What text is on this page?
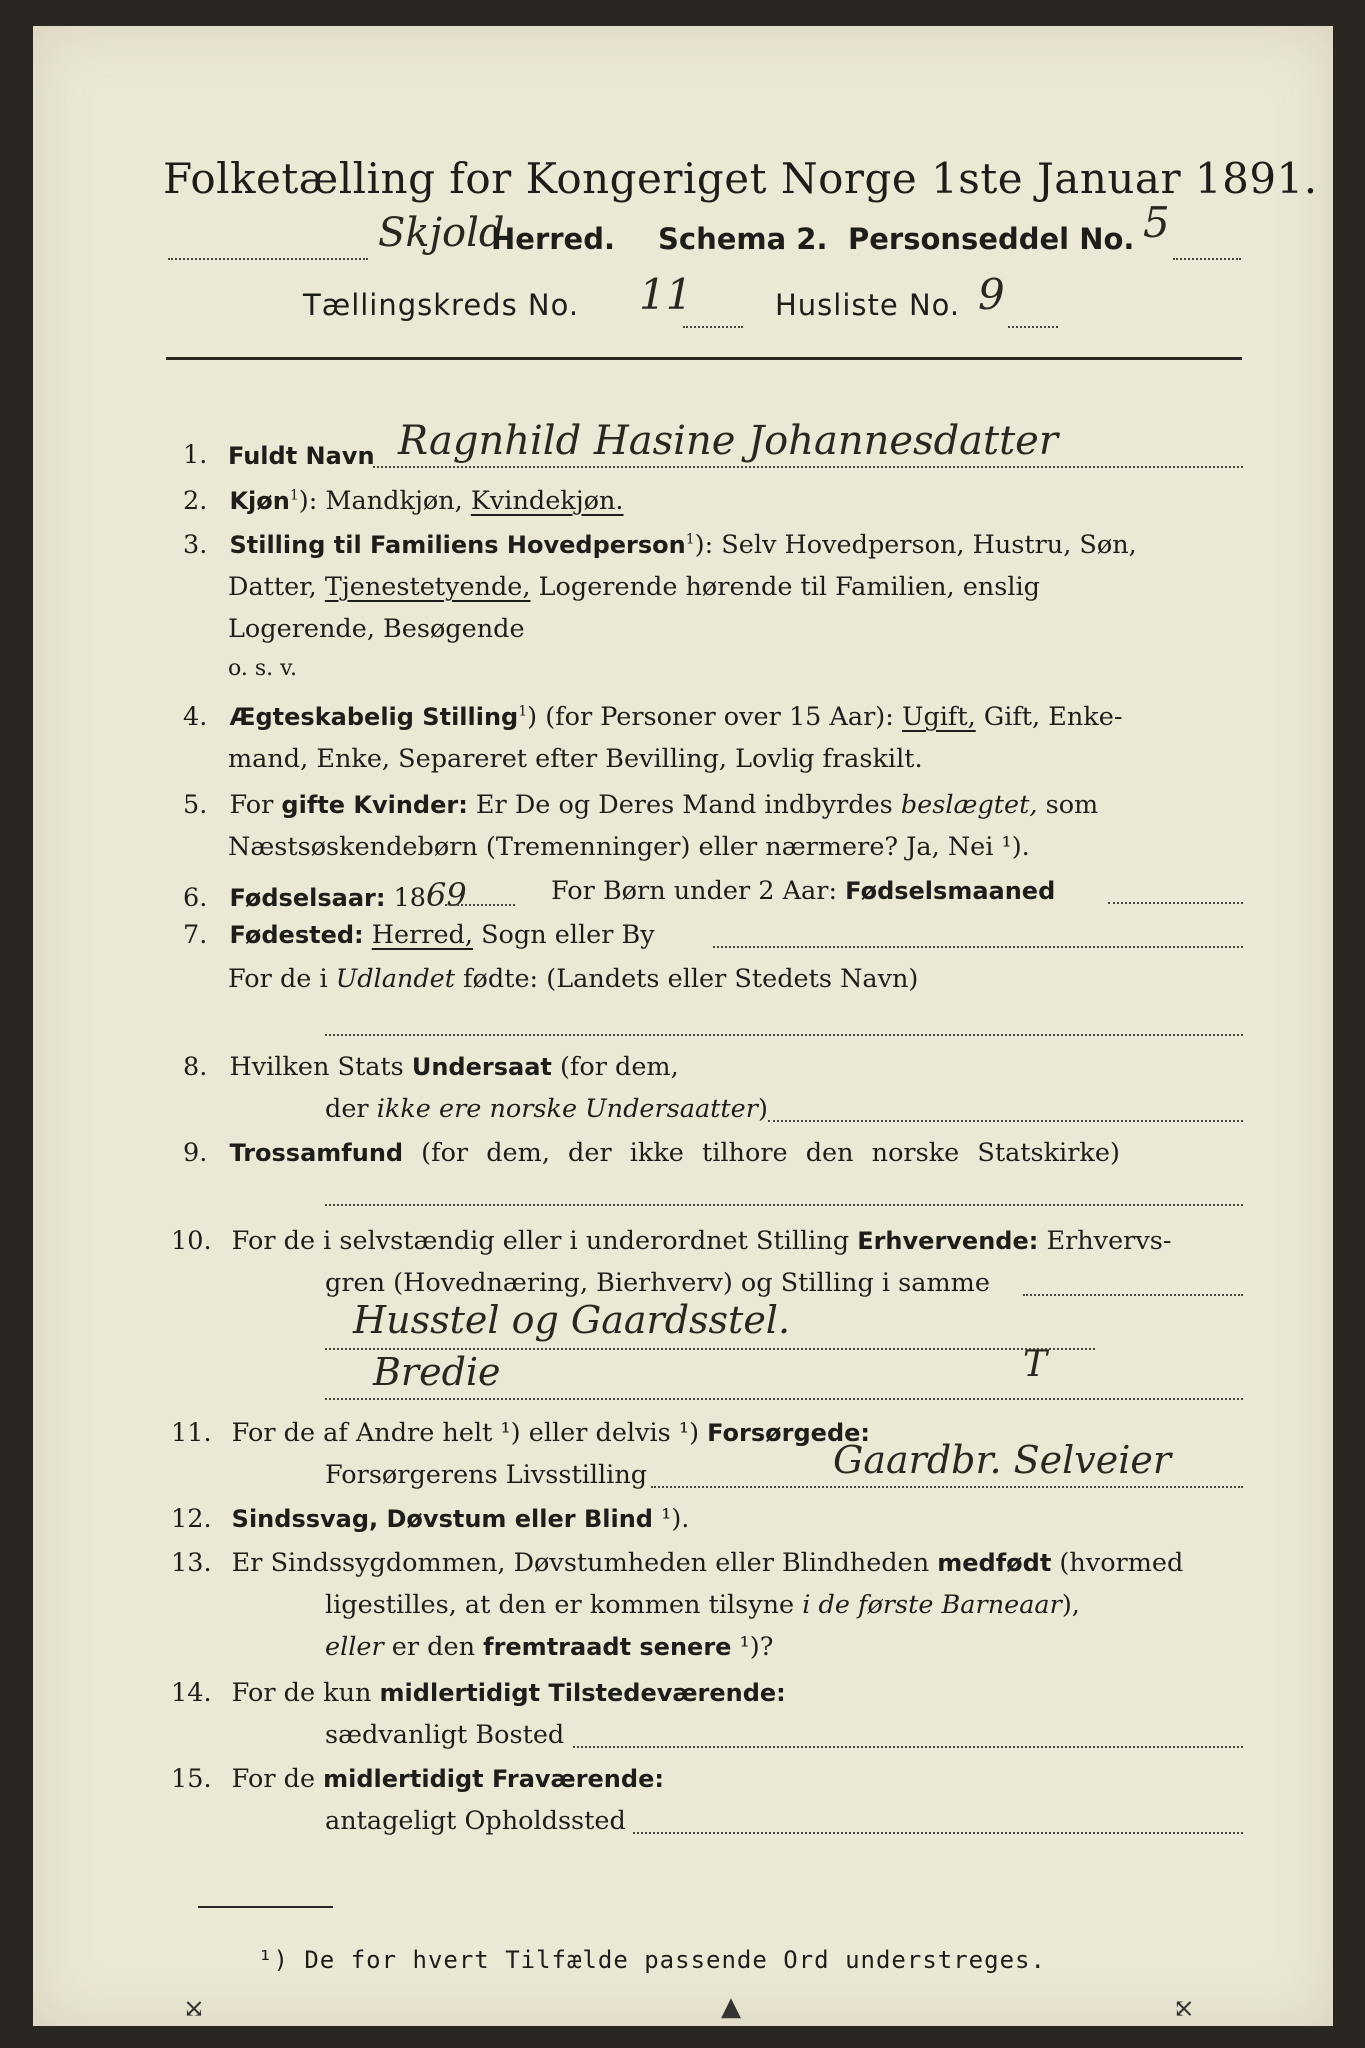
Folketælling for Kongeriget Norge 1ste Januar 1891.
Skjold
Herred. Schema 2. Personseddel No. 5
Tællingskreds No. 11	Husliste No. 9
1. Fuldt Navn Ragnhild Hasine Johannesdatter
2. Kjøn$^1$): Mandkjøn, Kvindekjøn.
3. Stilling til Familiens Hovedperson$^1$): Selv Hovedperson, Hustru, Søn,
Datter, Tjenestetyende, Logerende hørende til Familien, enslig
Logerende, Besøgende
o. s. v.
4. Ægteskabelig Stilling$^1$) (for Personer over 15 Aar): Ugift, Gift, Enke-
mand, Enke, Separeret efter Bevilling, Lovlig fraskilt.
5. For gifte Kvinder: Er De og Deres Mand indbyrdes beslægtet, som
Næstsøskendebørn (Tremenninger) eller nærmere? Ja, Nei ¹).
6. Fødselsaar: 1869	For Børn under 2 Aar: Fødselsmaaned
7. Fødested: Herred, Sogn eller By
For de i Udlandet fødte: (Landets eller Stedets Navn)
8. Hvilken Stats Undersaat (for dem,
der ikke ere norske Undersaatter)
9. Trossamfund (for dem, der ikke tilhore den norske Statskirke)
10. For de i selvstændig eller i underordnet Stilling Erhvervende: Erhvervs-
gren (Hovednæring, Bierhverv) og Stilling i samme
Husstel og Gaardsstel.
Bredie	T
11. For de af Andre helt ¹) eller delvis ¹) Forsørgede:
Forsørgerens Livsstilling	Gaardbr. Selveier
12. Sindssvag, Døvstum eller Blind ¹).
13. Er Sindssygdommen, Døvstumheden eller Blindheden medfødt (hvormed
ligestilles, at den er kommen tilsyne i de første Barneaar),
eller er den fremtraadt senere ¹)?
14. For de kun midlertidigt Tilstedeværende:
sædvanligt Bosted
15. For de midlertidigt Fraværende:
antageligt Opholdssted
¹) De for hvert Tilfælde passende Ord understreges.
⤩	▲	⤪
